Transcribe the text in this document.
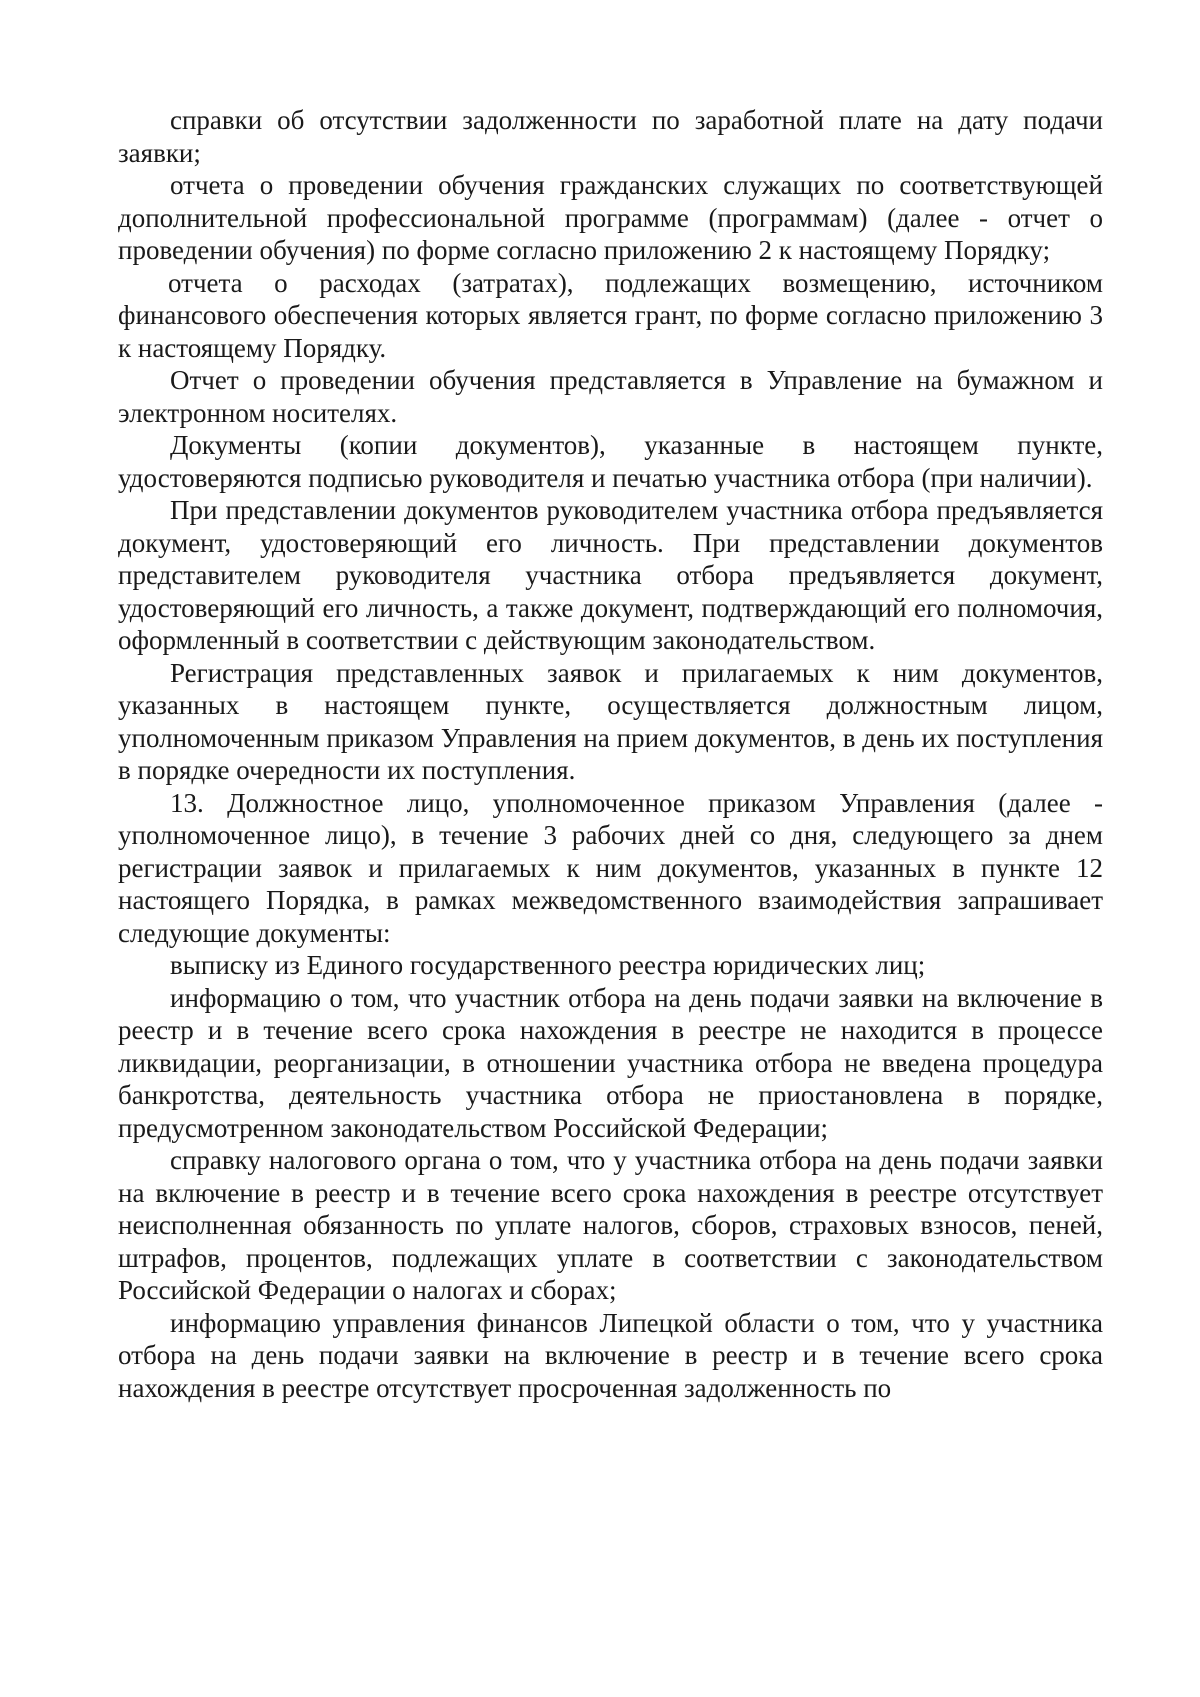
справки об отсутствии задолженности по заработной плате на дату подачи заявки;

отчета о проведении обучения гражданских служащих по соответствующей дополнительной профессиональной программе (программам) (далее - отчет о проведении обучения) по форме согласно приложению 2 к настоящему Порядку;

отчета о расходах (затратах), подлежащих возмещению, источником финансового обеспечения которых является грант, по форме согласно приложению 3 к настоящему Порядку.

Отчет о проведении обучения представляется в Управление на бумажном и электронном носителях.

Документы (копии документов), указанные в настоящем пункте, удостоверяются подписью руководителя и печатью участника отбора (при наличии).

При представлении документов руководителем участника отбора предъявляется документ, удостоверяющий его личность. При представлении документов представителем руководителя участника отбора предъявляется документ, удостоверяющий его личность, а также документ, подтверждающий его полномочия, оформленный в соответствии с действующим законодательством.

Регистрация представленных заявок и прилагаемых к ним документов, указанных в настоящем пункте, осуществляется должностным лицом, уполномоченным приказом Управления на прием документов, в день их поступления в порядке очередности их поступления.

13. Должностное лицо, уполномоченное приказом Управления (далее - уполномоченное лицо), в течение 3 рабочих дней со дня, следующего за днем регистрации заявок и прилагаемых к ним документов, указанных в пункте 12 настоящего Порядка, в рамках межведомственного взаимодействия запрашивает следующие документы:

выписку из Единого государственного реестра юридических лиц;

информацию о том, что участник отбора на день подачи заявки на включение в реестр и в течение всего срока нахождения в реестре не находится в процессе ликвидации, реорганизации, в отношении участника отбора не введена процедура банкротства, деятельность участника отбора не приостановлена в порядке, предусмотренном законодательством Российской Федерации;

справку налогового органа о том, что у участника отбора на день подачи заявки на включение в реестр и в течение всего срока нахождения в реестре отсутствует неисполненная обязанность по уплате налогов, сборов, страховых взносов, пеней, штрафов, процентов, подлежащих уплате в соответствии с законодательством Российской Федерации о налогах и сборах;

информацию управления финансов Липецкой области о том, что у участника отбора на день подачи заявки на включение в реестр и в течение всего срока нахождения в реестре отсутствует просроченная задолженность по
